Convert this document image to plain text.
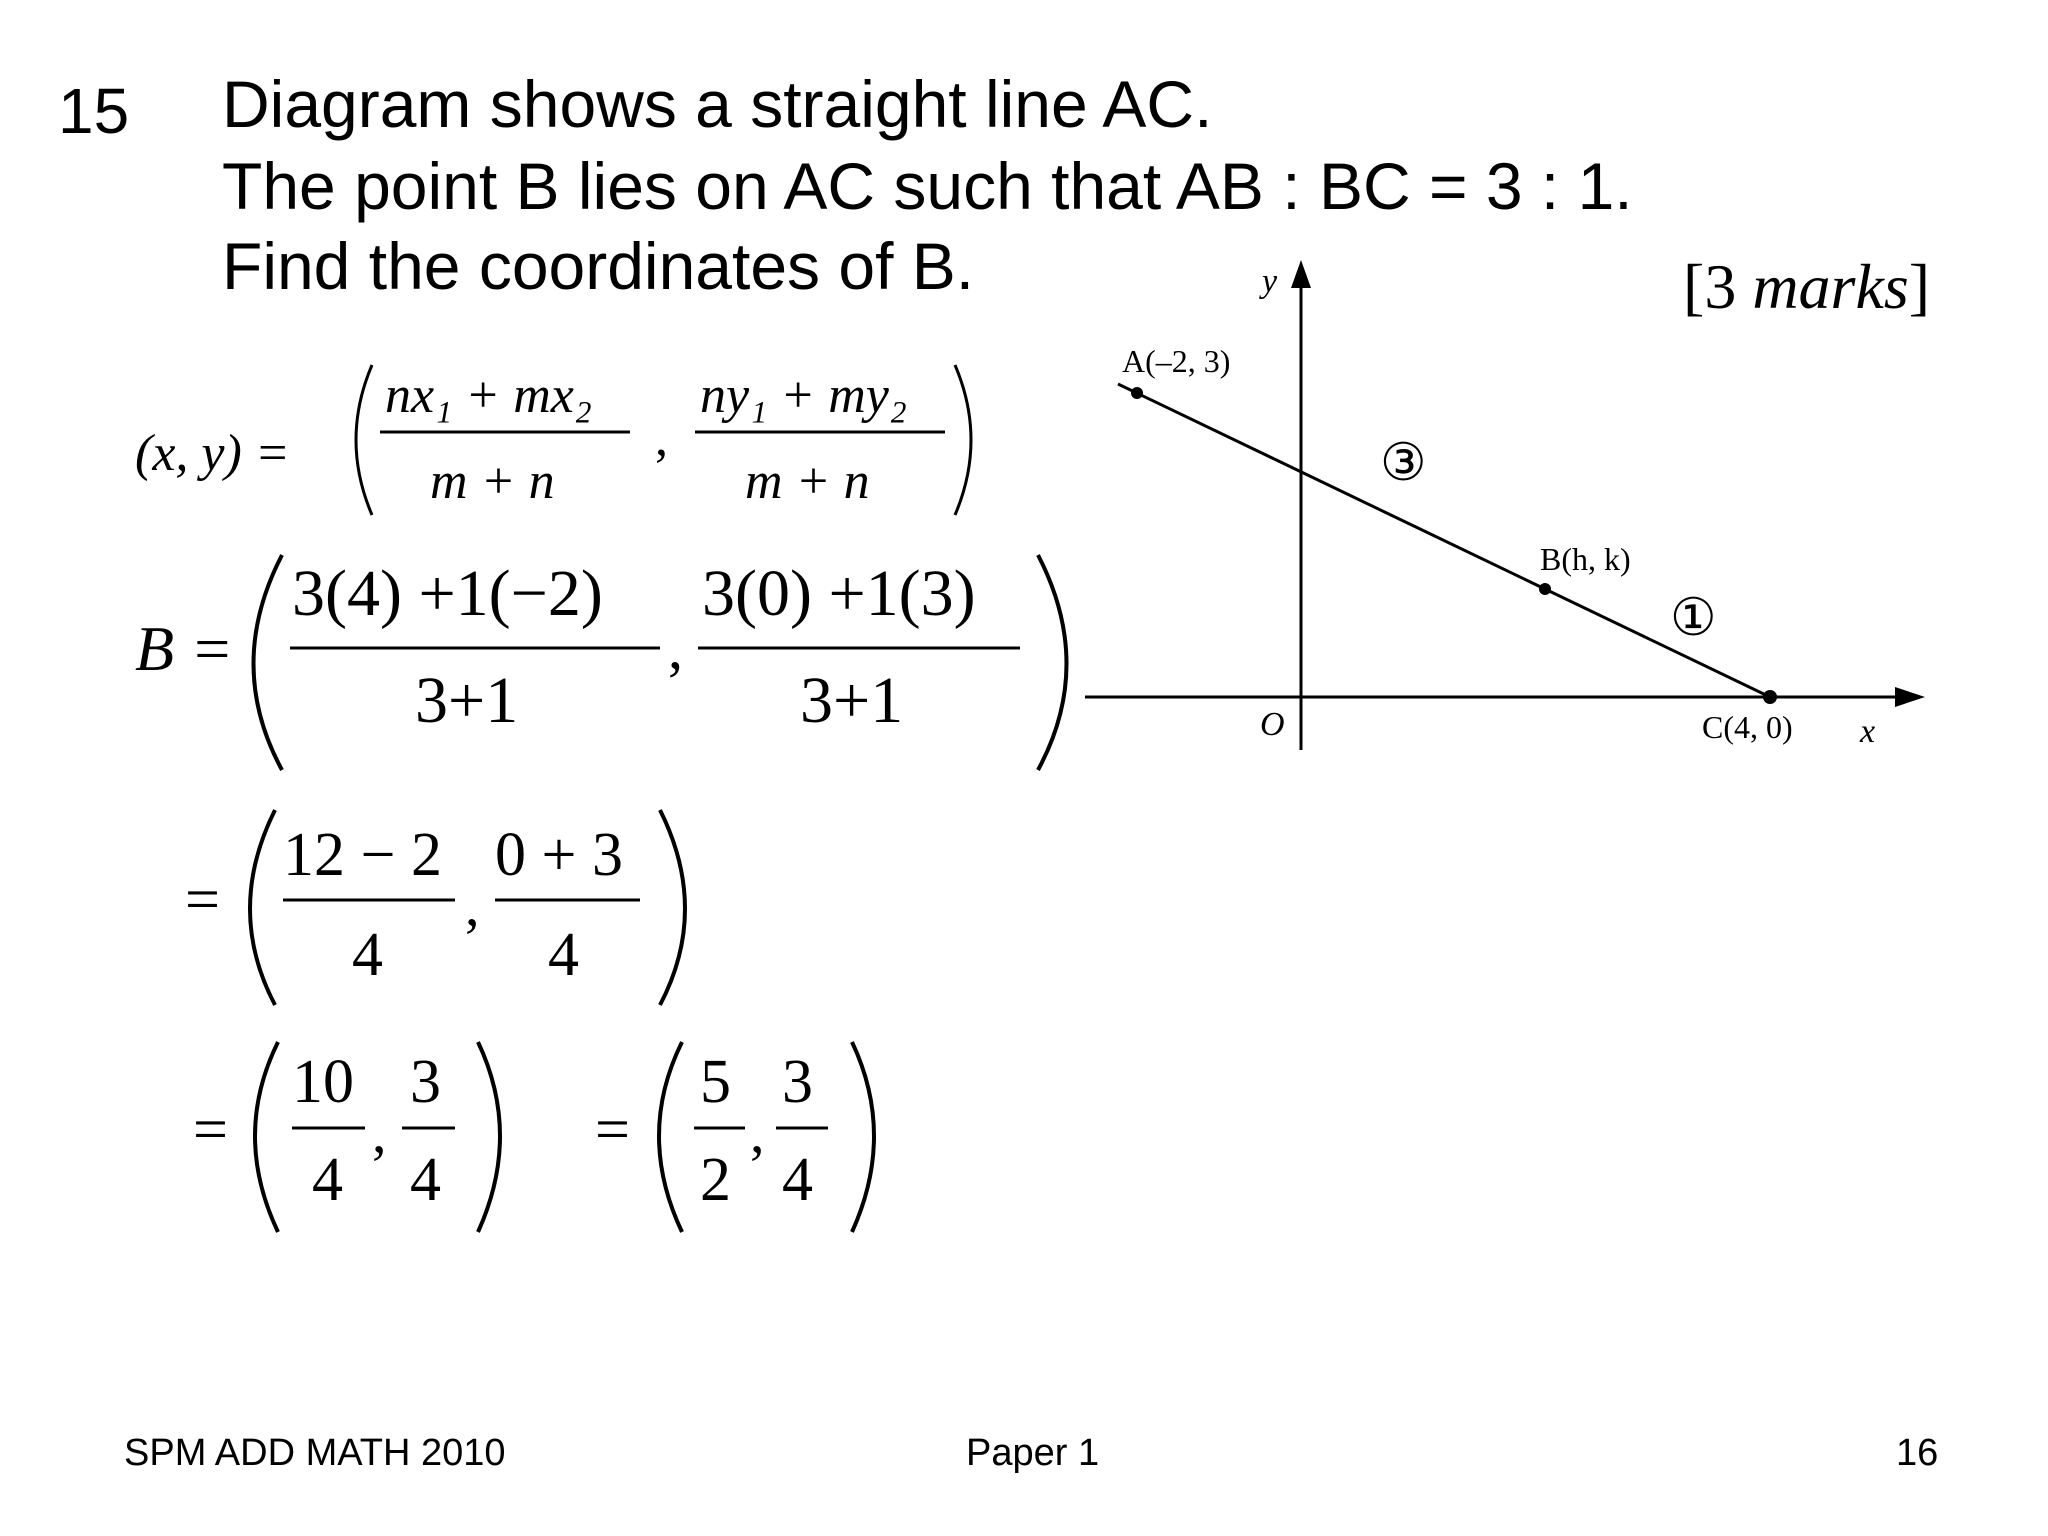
15 Diagram shows a straight line AC.
The point B lies on AC such that AB : BC = 3 : 1.
Find the coordinates of B.	[3 marks]
(x, y) =
nx₁ + mx₂
m + n
,
ny₁ + my₂
m + n
B =
3(4) +1(−2)
3+1
,
3(0) +1(3)
3+1
=
12 − 2
4
,
0 + 3
4
=
10
4
,
3
4
=
5
2
,
3
4
y
x
O
A(–2, 3)
B(h, k)
C(4, 0)
③
①
SPM ADD MATH 2010	Paper 1	16
